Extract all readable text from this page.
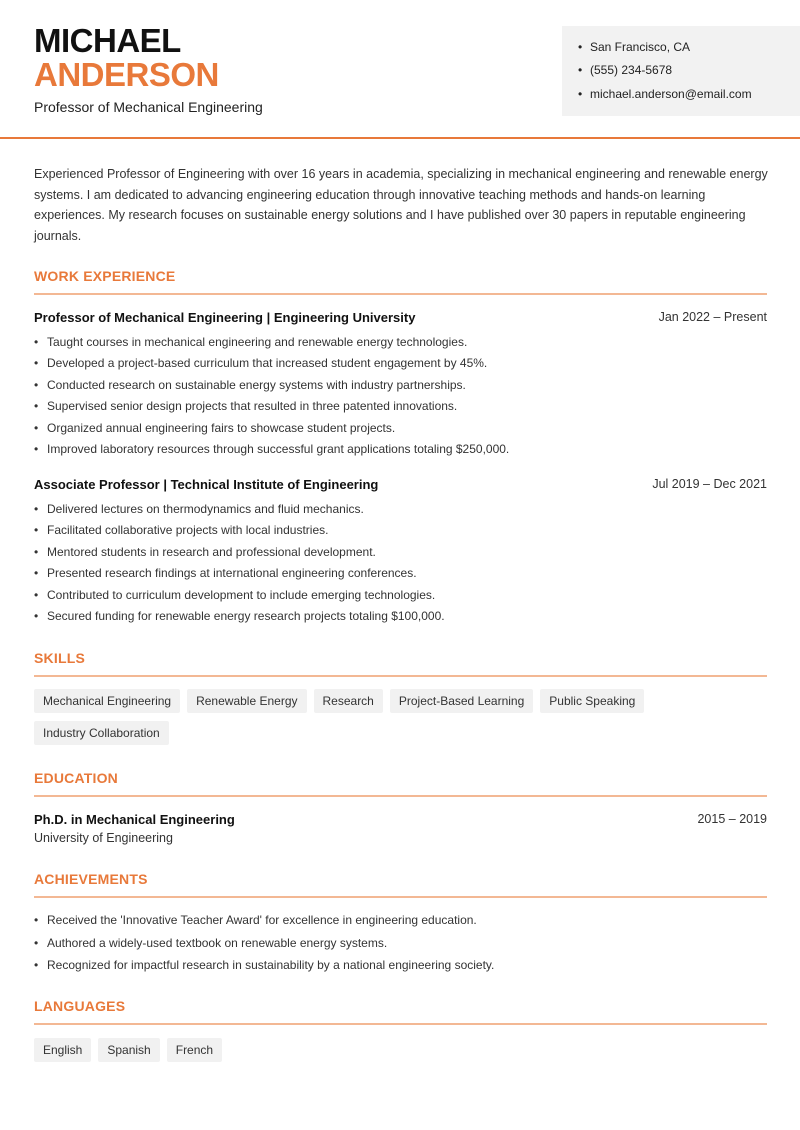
MICHAEL
ANDERSON
Professor of Mechanical Engineering
• San Francisco, CA
• (555) 234-5678
• michael.anderson@email.com
Experienced Professor of Engineering with over 16 years in academia, specializing in mechanical engineering and renewable energy systems. I am dedicated to advancing engineering education through innovative teaching methods and hands-on learning experiences. My research focuses on sustainable energy solutions and I have published over 30 papers in reputable engineering journals.
WORK EXPERIENCE
Professor of Mechanical Engineering | Engineering University	Jan 2022 – Present
• Taught courses in mechanical engineering and renewable energy technologies.
• Developed a project-based curriculum that increased student engagement by 45%.
• Conducted research on sustainable energy systems with industry partnerships.
• Supervised senior design projects that resulted in three patented innovations.
• Organized annual engineering fairs to showcase student projects.
• Improved laboratory resources through successful grant applications totaling $250,000.
Associate Professor | Technical Institute of Engineering	Jul 2019 – Dec 2021
• Delivered lectures on thermodynamics and fluid mechanics.
• Facilitated collaborative projects with local industries.
• Mentored students in research and professional development.
• Presented research findings at international engineering conferences.
• Contributed to curriculum development to include emerging technologies.
• Secured funding for renewable energy research projects totaling $100,000.
SKILLS
Mechanical Engineering	Renewable Energy	Research	Project-Based Learning	Public Speaking
Industry Collaboration
EDUCATION
Ph.D. in Mechanical Engineering	2015 – 2019
University of Engineering
ACHIEVEMENTS
• Received the 'Innovative Teacher Award' for excellence in engineering education.
• Authored a widely-used textbook on renewable energy systems.
• Recognized for impactful research in sustainability by a national engineering society.
LANGUAGES
English	Spanish	French
